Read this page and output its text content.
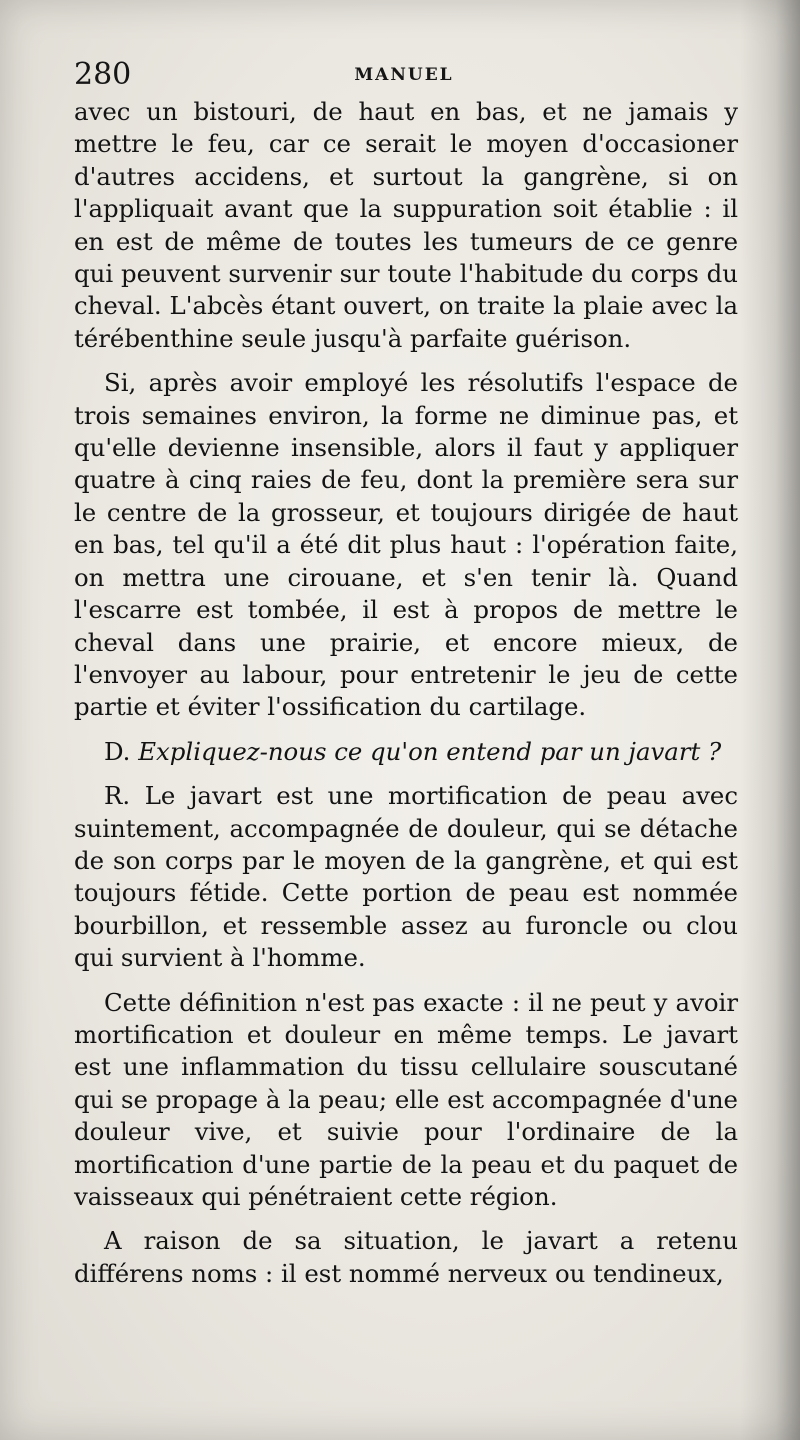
280	MANUEL

avec un bistouri, de haut en bas, et ne jamais y mettre le feu, car ce serait le moyen d'occasioner d'autres accidens, et surtout la gangrène, si on l'appliquait avant que la suppuration soit établie : il en est de même de toutes les tumeurs de ce genre qui peuvent survenir sur toute l'habitude du corps du cheval. L'abcès étant ouvert, on traite la plaie avec la térébenthine seule jusqu'à parfaite guérison.

Si, après avoir employé les résolutifs l'espace de trois semaines environ, la forme ne diminue pas, et qu'elle devienne insensible, alors il faut y appliquer quatre à cinq raies de feu, dont la première sera sur le centre de la grosseur, et toujours dirigée de haut en bas, tel qu'il a été dit plus haut : l'opération faite, on mettra une cirouane, et s'en tenir là. Quand l'escarre est tombée, il est à propos de mettre le cheval dans une prairie, et encore mieux, de l'envoyer au labour, pour entretenir le jeu de cette partie et éviter l'ossification du cartilage.

D. Expliquez-nous ce qu'on entend par un javart ?

R. Le javart est une mortification de peau avec suintement, accompagnée de douleur, qui se détache de son corps par le moyen de la gangrène, et qui est toujours fétide. Cette portion de peau est nommée bourbillon, et ressemble assez au furoncle ou clou qui survient à l'homme.

Cette définition n'est pas exacte : il ne peut y avoir mortification et douleur en même temps. Le javart est une inflammation du tissu cellulaire souscutané qui se propage à la peau; elle est accompagnée d'une douleur vive, et suivie pour l'ordinaire de la mortification d'une partie de la peau et du paquet de vaisseaux qui pénétraient cette région.

A raison de sa situation, le javart a retenu différens noms : il est nommé nerveux ou tendineux,
